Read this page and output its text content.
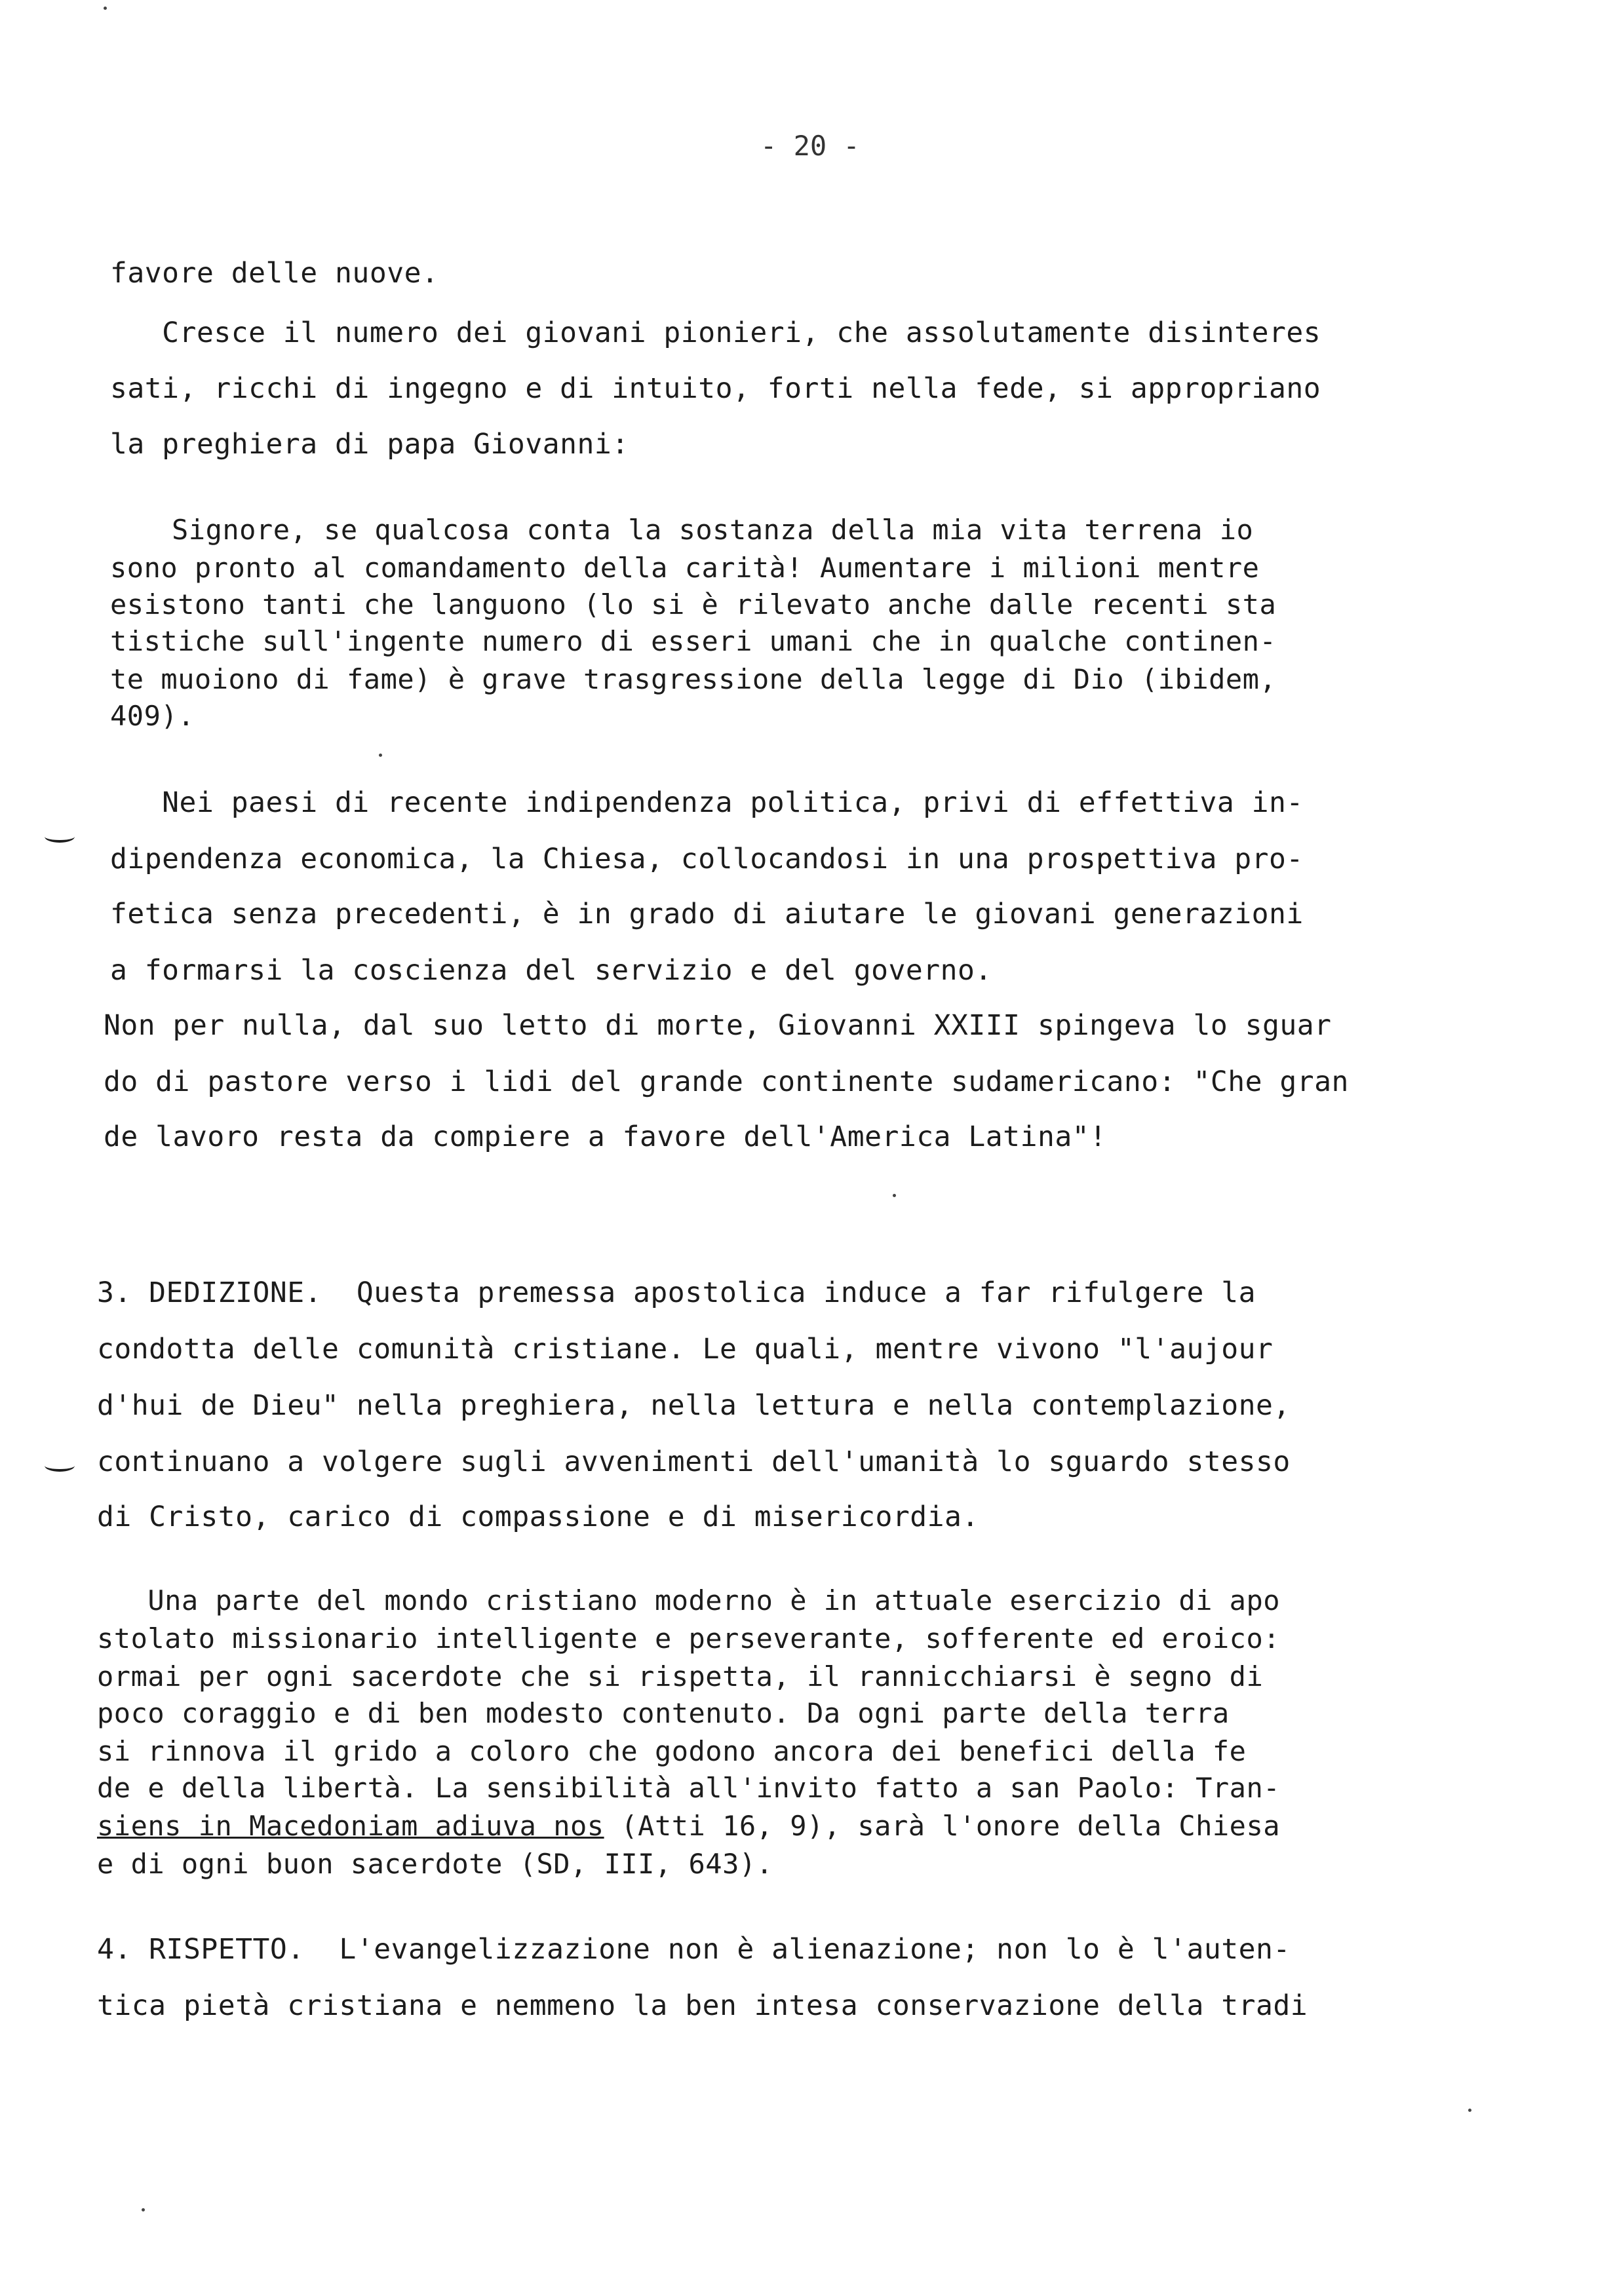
- 20 -
favore delle nuove.
Cresce il numero dei giovani pionieri, che assolutamente disinteres
sati, ricchi di ingegno e di intuito, forti nella fede, si appropriano
la preghiera di papa Giovanni:
Signore, se qualcosa conta la sostanza della mia vita terrena io
sono pronto al comandamento della carità! Aumentare i milioni mentre
esistono tanti che languono (lo si è rilevato anche dalle recenti sta
tistiche sull'ingente numero di esseri umani che in qualche continen-
te muoiono di fame) è grave trasgressione della legge di Dio (ibidem,
409).
Nei paesi di recente indipendenza politica, privi di effettiva in-
dipendenza economica, la Chiesa, collocandosi in una prospettiva pro-
fetica senza precedenti, è in grado di aiutare le giovani generazioni
a formarsi la coscienza del servizio e del governo.
Non per nulla, dal suo letto di morte, Giovanni XXIII spingeva lo sguar
do di pastore verso i lidi del grande continente sudamericano: "Che gran
de lavoro resta da compiere a favore dell'America Latina"!
3. DEDIZIONE.  Questa premessa apostolica induce a far rifulgere la
condotta delle comunità cristiane. Le quali, mentre vivono "l'aujour
d'hui de Dieu" nella preghiera, nella lettura e nella contemplazione,
continuano a volgere sugli avvenimenti dell'umanità lo sguardo stesso
di Cristo, carico di compassione e di misericordia.
Una parte del mondo cristiano moderno è in attuale esercizio di apo
stolato missionario intelligente e perseverante, sofferente ed eroico:
ormai per ogni sacerdote che si rispetta, il rannicchiarsi è segno di
poco coraggio e di ben modesto contenuto. Da ogni parte della terra
si rinnova il grido a coloro che godono ancora dei benefici della fe
de e della libertà. La sensibilità all'invito fatto a san Paolo: Tran-
siens in Macedoniam adiuva nos (Atti 16, 9), sarà l'onore della Chiesa
e di ogni buon sacerdote (SD, III, 643).
4. RISPETTO.  L'evangelizzazione non è alienazione; non lo è l'auten-
tica pietà cristiana e nemmeno la ben intesa conservazione della tradi
